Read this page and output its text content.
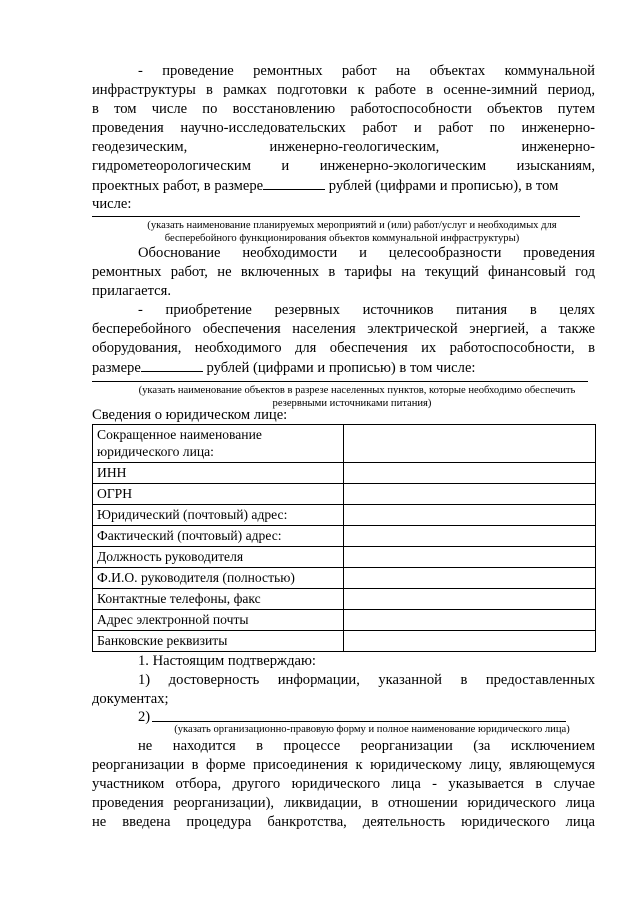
- проведение ремонтных работ на объектах коммунальной
инфраструктуры в рамках подготовки к работе в осенне-зимний период,
в том числе по восстановлению работоспособности объектов путем
проведения научно-исследовательских работ и работ по инженерно-
геодезическим, инженерно-геологическим, инженерно-
гидрометеорологическим и инженерно-экологическим изысканиям,
проектных работ, в размере	рублей (цифрами и прописью), в том
числе:
(указать наименование планируемых мероприятий и (или) работ/услуг и необходимых для
бесперебойного функционирования объектов коммунальной инфраструктуры)
Обоснование необходимости и целесообразности проведения
ремонтных работ, не включенных в тарифы на текущий финансовый год
прилагается.
- приобретение резервных источников питания в целях
бесперебойного обеспечения населения электрической энергией, а также
оборудования, необходимого для обеспечения их работоспособности, в
размере	рублей (цифрами и прописью) в том числе:
(указать наименование объектов в разрезе населенных пунктов, которые необходимо обеспечить
резервными источниками питания)
Сведения о юридическом лице:
Сокращенное наименование юридического лица:	
ИНН	
ОГРН	
Юридический (почтовый) адрес:	
Фактический (почтовый) адрес:	
Должность руководителя	
Ф.И.О. руководителя (полностью)	
Контактные телефоны, факс	
Адрес электронной почты	
Банковские реквизиты	
1. Настоящим подтверждаю:
1) достоверность информации, указанной в предоставленных
документах;
2)
(указать организационно-правовую форму и полное наименование юридического лица)
не находится в процессе реорганизации (за исключением
реорганизации в форме присоединения к юридическому лицу, являющемуся
участником отбора, другого юридического лица - указывается в случае
проведения реорганизации), ликвидации, в отношении юридического лица
не введена процедура банкротства, деятельность юридического лица
